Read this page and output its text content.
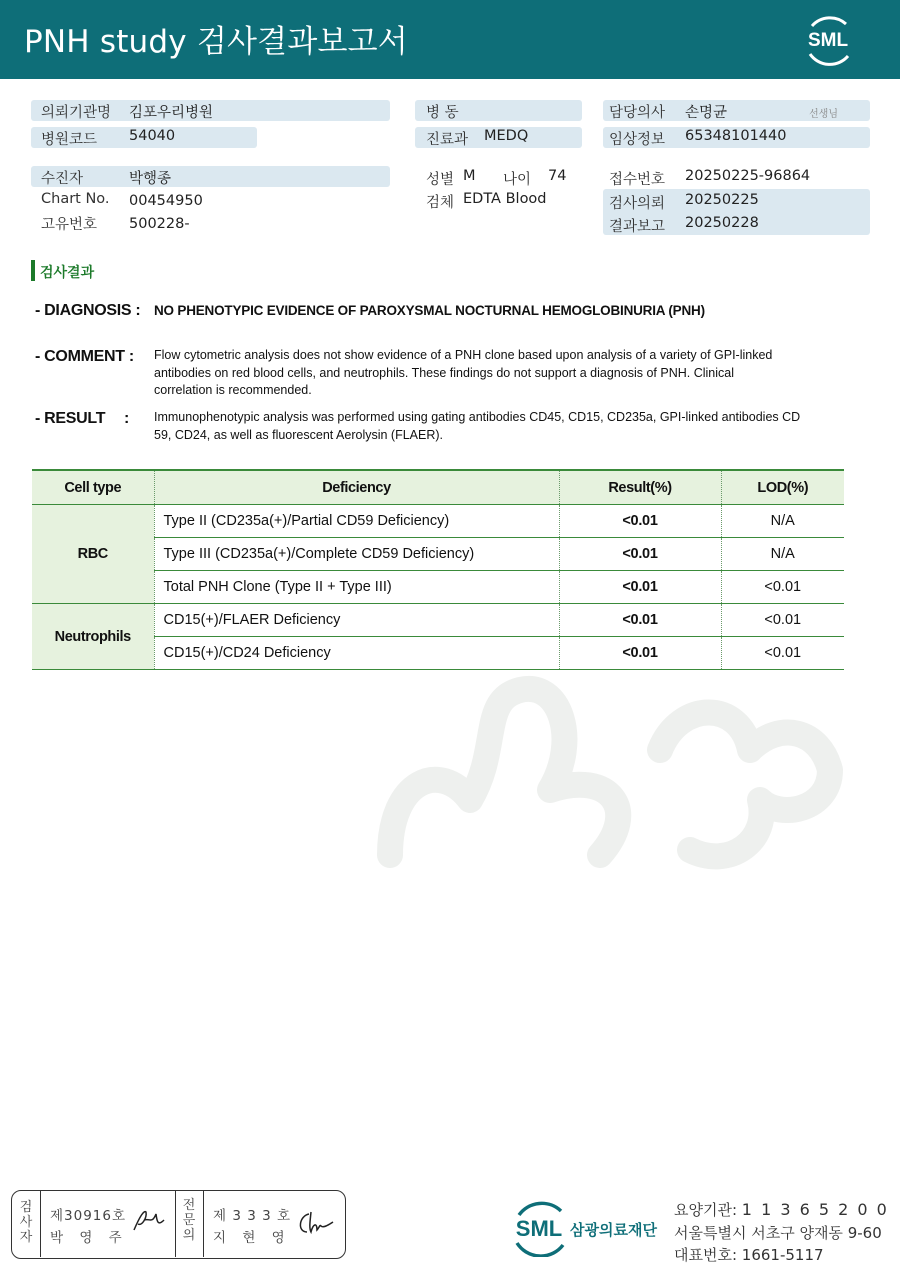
PNH study 검사결과보고서	SML
의뢰기관명 김포우리병원
병원코드 54040
병 동
진료과 MEDQ
담당의사 손명균	선생님
임상정보 65348101440
수진자	박행종
Chart No. 00454950
고유번호 500228-
성별 M 나이 74
검체 EDTA Blood
접수번호 20250225-96864
검사의뢰 20250225
결과보고 20250228
검사결과
- DIAGNOSIS : NO PHENOTYPIC EVIDENCE OF PAROXYSMAL NOCTURNAL HEMOGLOBINURIA (PNH)
- COMMENT : Flow cytometric analysis does not show evidence of a PNH clone based upon analysis of a variety of GPI-linked
antibodies on red blood cells, and neutrophils. These findings do not support a diagnosis of PNH. Clinical
correlation is recommended.
- RESULT : Immunophenotypic analysis was performed using gating antibodies CD45, CD15, CD235a, GPI-linked antibodies CD
59, CD24, as well as fluorescent Aerolysin (FLAER).
Cell type	Deficiency	Result(%)	LOD(%)
RBC	Type II (CD235a(+)/Partial CD59 Deficiency)	<0.01	N/A
	Type III (CD235a(+)/Complete CD59 Deficiency)	<0.01	N/A
	Total PNH Clone (Type II + Type III)	<0.01	<0.01
Neutrophils	CD15(+)/FLAER Deficiency	<0.01	<0.01
	CD15(+)/CD24 Deficiency	<0.01	<0.01
검
사
자
제30916호
박 영 주
전
문
의
제 3 3 3 호
지 현 영	SML 삼광의료재단
요양기관: 1 1 3 6 5 2 0 0
서울특별시 서초구 양재동 9-60
대표번호: 1661-5117
